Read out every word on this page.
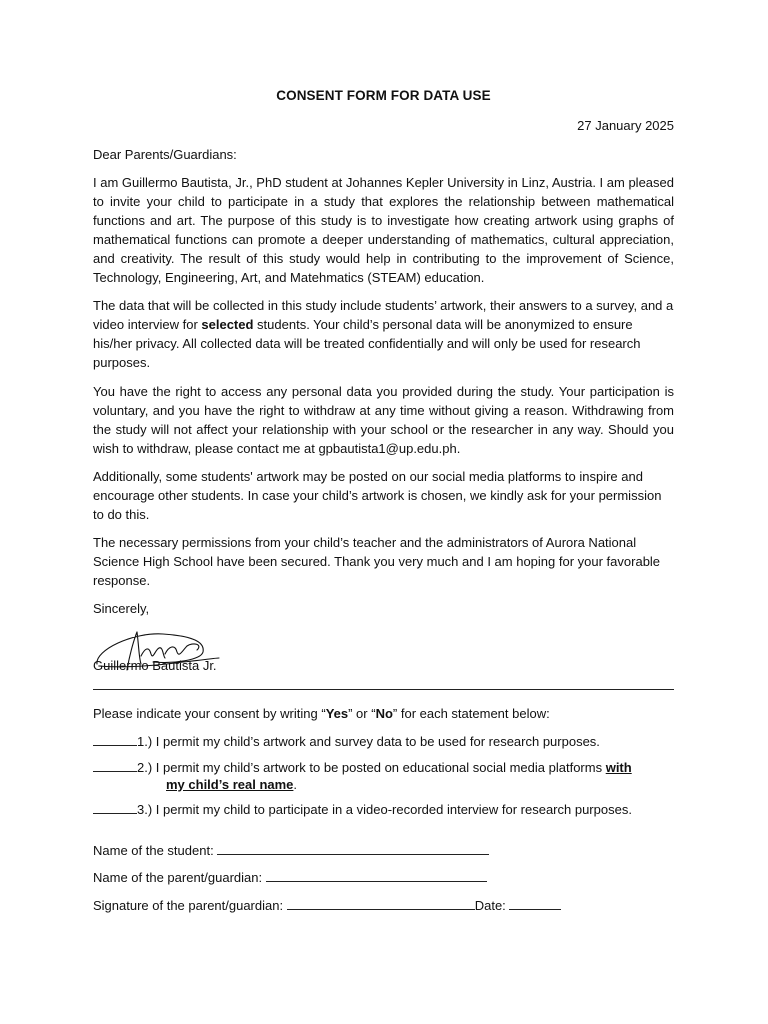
CONSENT FORM FOR DATA USE
27 January 2025
Dear Parents/Guardians:
I am Guillermo Bautista, Jr., PhD student at Johannes Kepler University in Linz, Austria. I am pleased to invite your child to participate in a study that explores the relationship between mathematical functions and art. The purpose of this study is to investigate how creating artwork using graphs of mathematical functions can promote a deeper understanding of mathematics, cultural appreciation, and creativity. The result of this study would help in contributing to the improvement of Science, Technology, Engineering, Art, and Matehmatics (STEAM) education.
The data that will be collected in this study include students’ artwork, their answers to a survey, and a video interview for selected students. Your child’s personal data will be anonymized to ensure his/her privacy. All collected data will be treated confidentially and will only be used for research purposes.
You have the right to access any personal data you provided during the study. Your participation is voluntary, and you have the right to withdraw at any time without giving a reason. Withdrawing from the study will not affect your relationship with your school or the researcher in any way. Should you wish to withdraw, please contact me at gpbautista1@up.edu.ph.
Additionally, some students' artwork may be posted on our social media platforms to inspire and encourage other students. In case your child’s artwork is chosen, we kindly ask for your permission to do this.
The necessary permissions from your child’s teacher and the administrators of Aurora National Science High School have been secured. Thank you very much and I am hoping for your favorable response.
Sincerely,
Guillermo Bautista Jr.
Please indicate your consent by writing “Yes” or “No” for each statement below:
1.) I permit my child’s artwork and survey data to be used for research purposes.
2.) I permit my child’s artwork to be posted on educational social media platforms with
my child’s real name.
3.) I permit my child to participate in a video-recorded interview for research purposes.
Name of the student:
Name of the parent/guardian:
Signature of the parent/guardian:	Date:
